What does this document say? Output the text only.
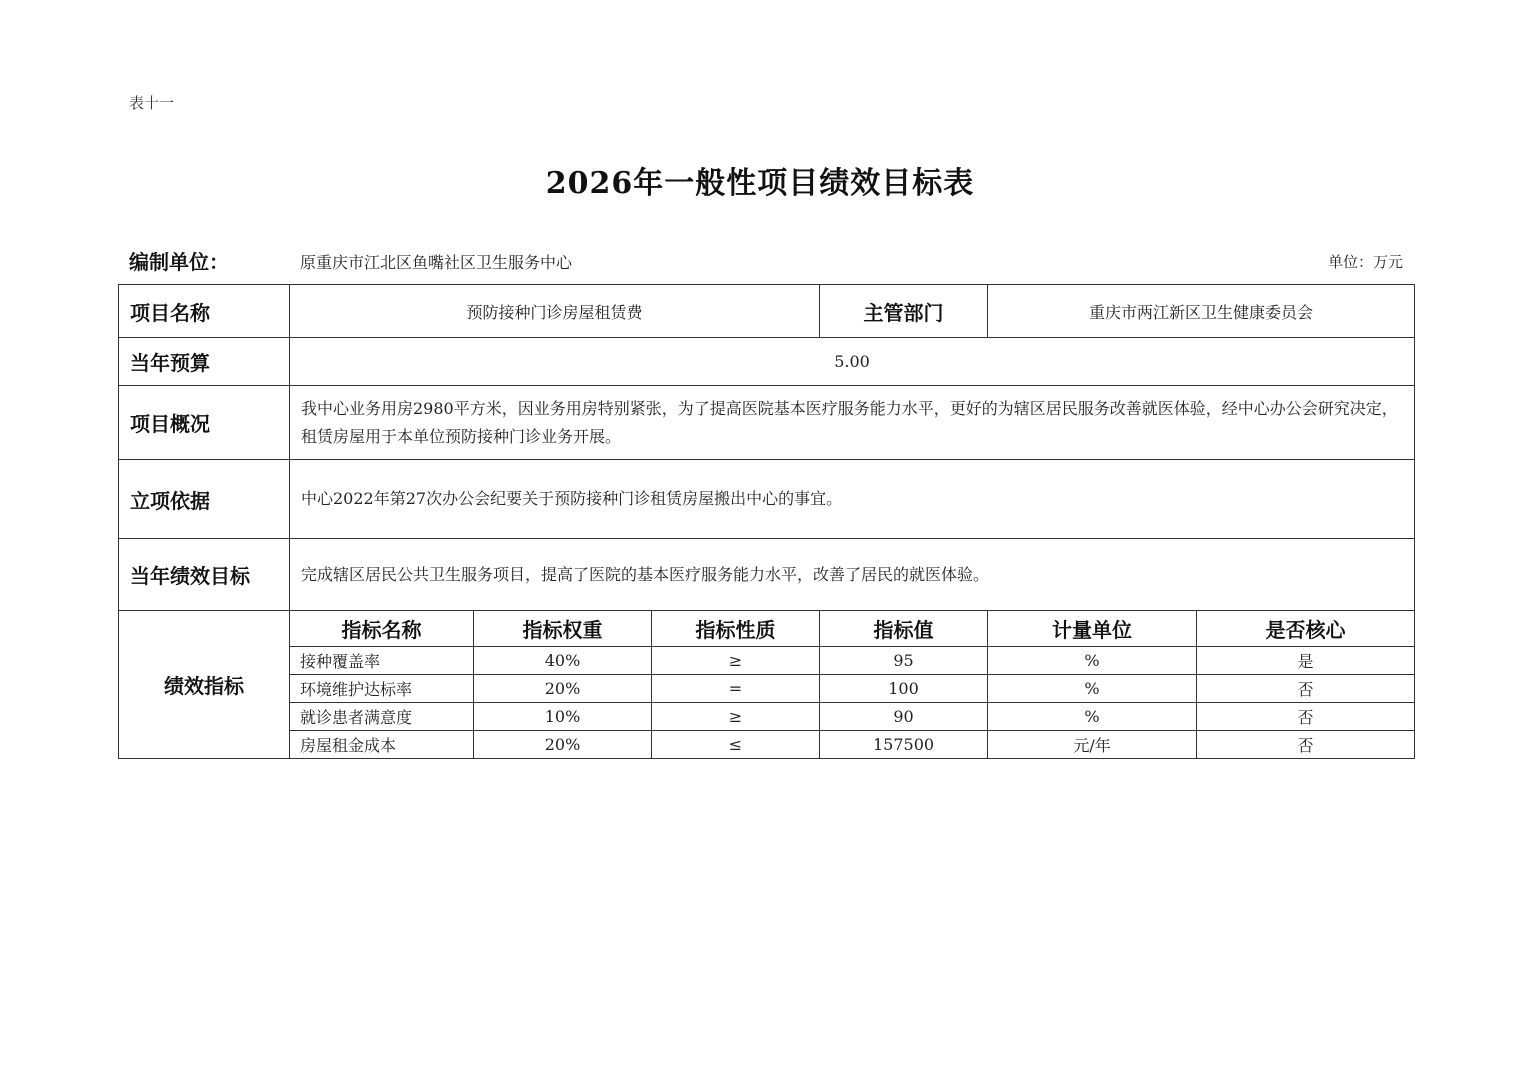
表十一
2026年一般性项目绩效目标表
编制单位：	原重庆市江北区鱼嘴社区卫生服务中心	单位：万元
项目名称	预防接种门诊房屋租赁费			主管部门	重庆市两江新区卫生健康委员会	
当年预算	5.00					
项目概况	我中心业务用房2980平方米，因业务用房特别紧张，为了提高医院基本医疗服务能力水平，更好的为辖区居民服务改善就医体验，经中心办公会研究决定，租赁房屋用于本单位预防接种门诊业务开展。					
立项依据	中心2022年第27次办公会纪要关于预防接种门诊租赁房屋搬出中心的事宜。					
当年绩效目标	完成辖区居民公共卫生服务项目，提高了医院的基本医疗服务能力水平，改善了居民的就医体验。					
绩效指标	指标名称	指标权重	指标性质	指标值	计量单位	是否核心
	接种覆盖率	40%	≥	95	%	是
	环境维护达标率	20%	=	100	%	否
	就诊患者满意度	10%	≥	90	%	否
	房屋租金成本	20%	≤	157500	元/年	否
